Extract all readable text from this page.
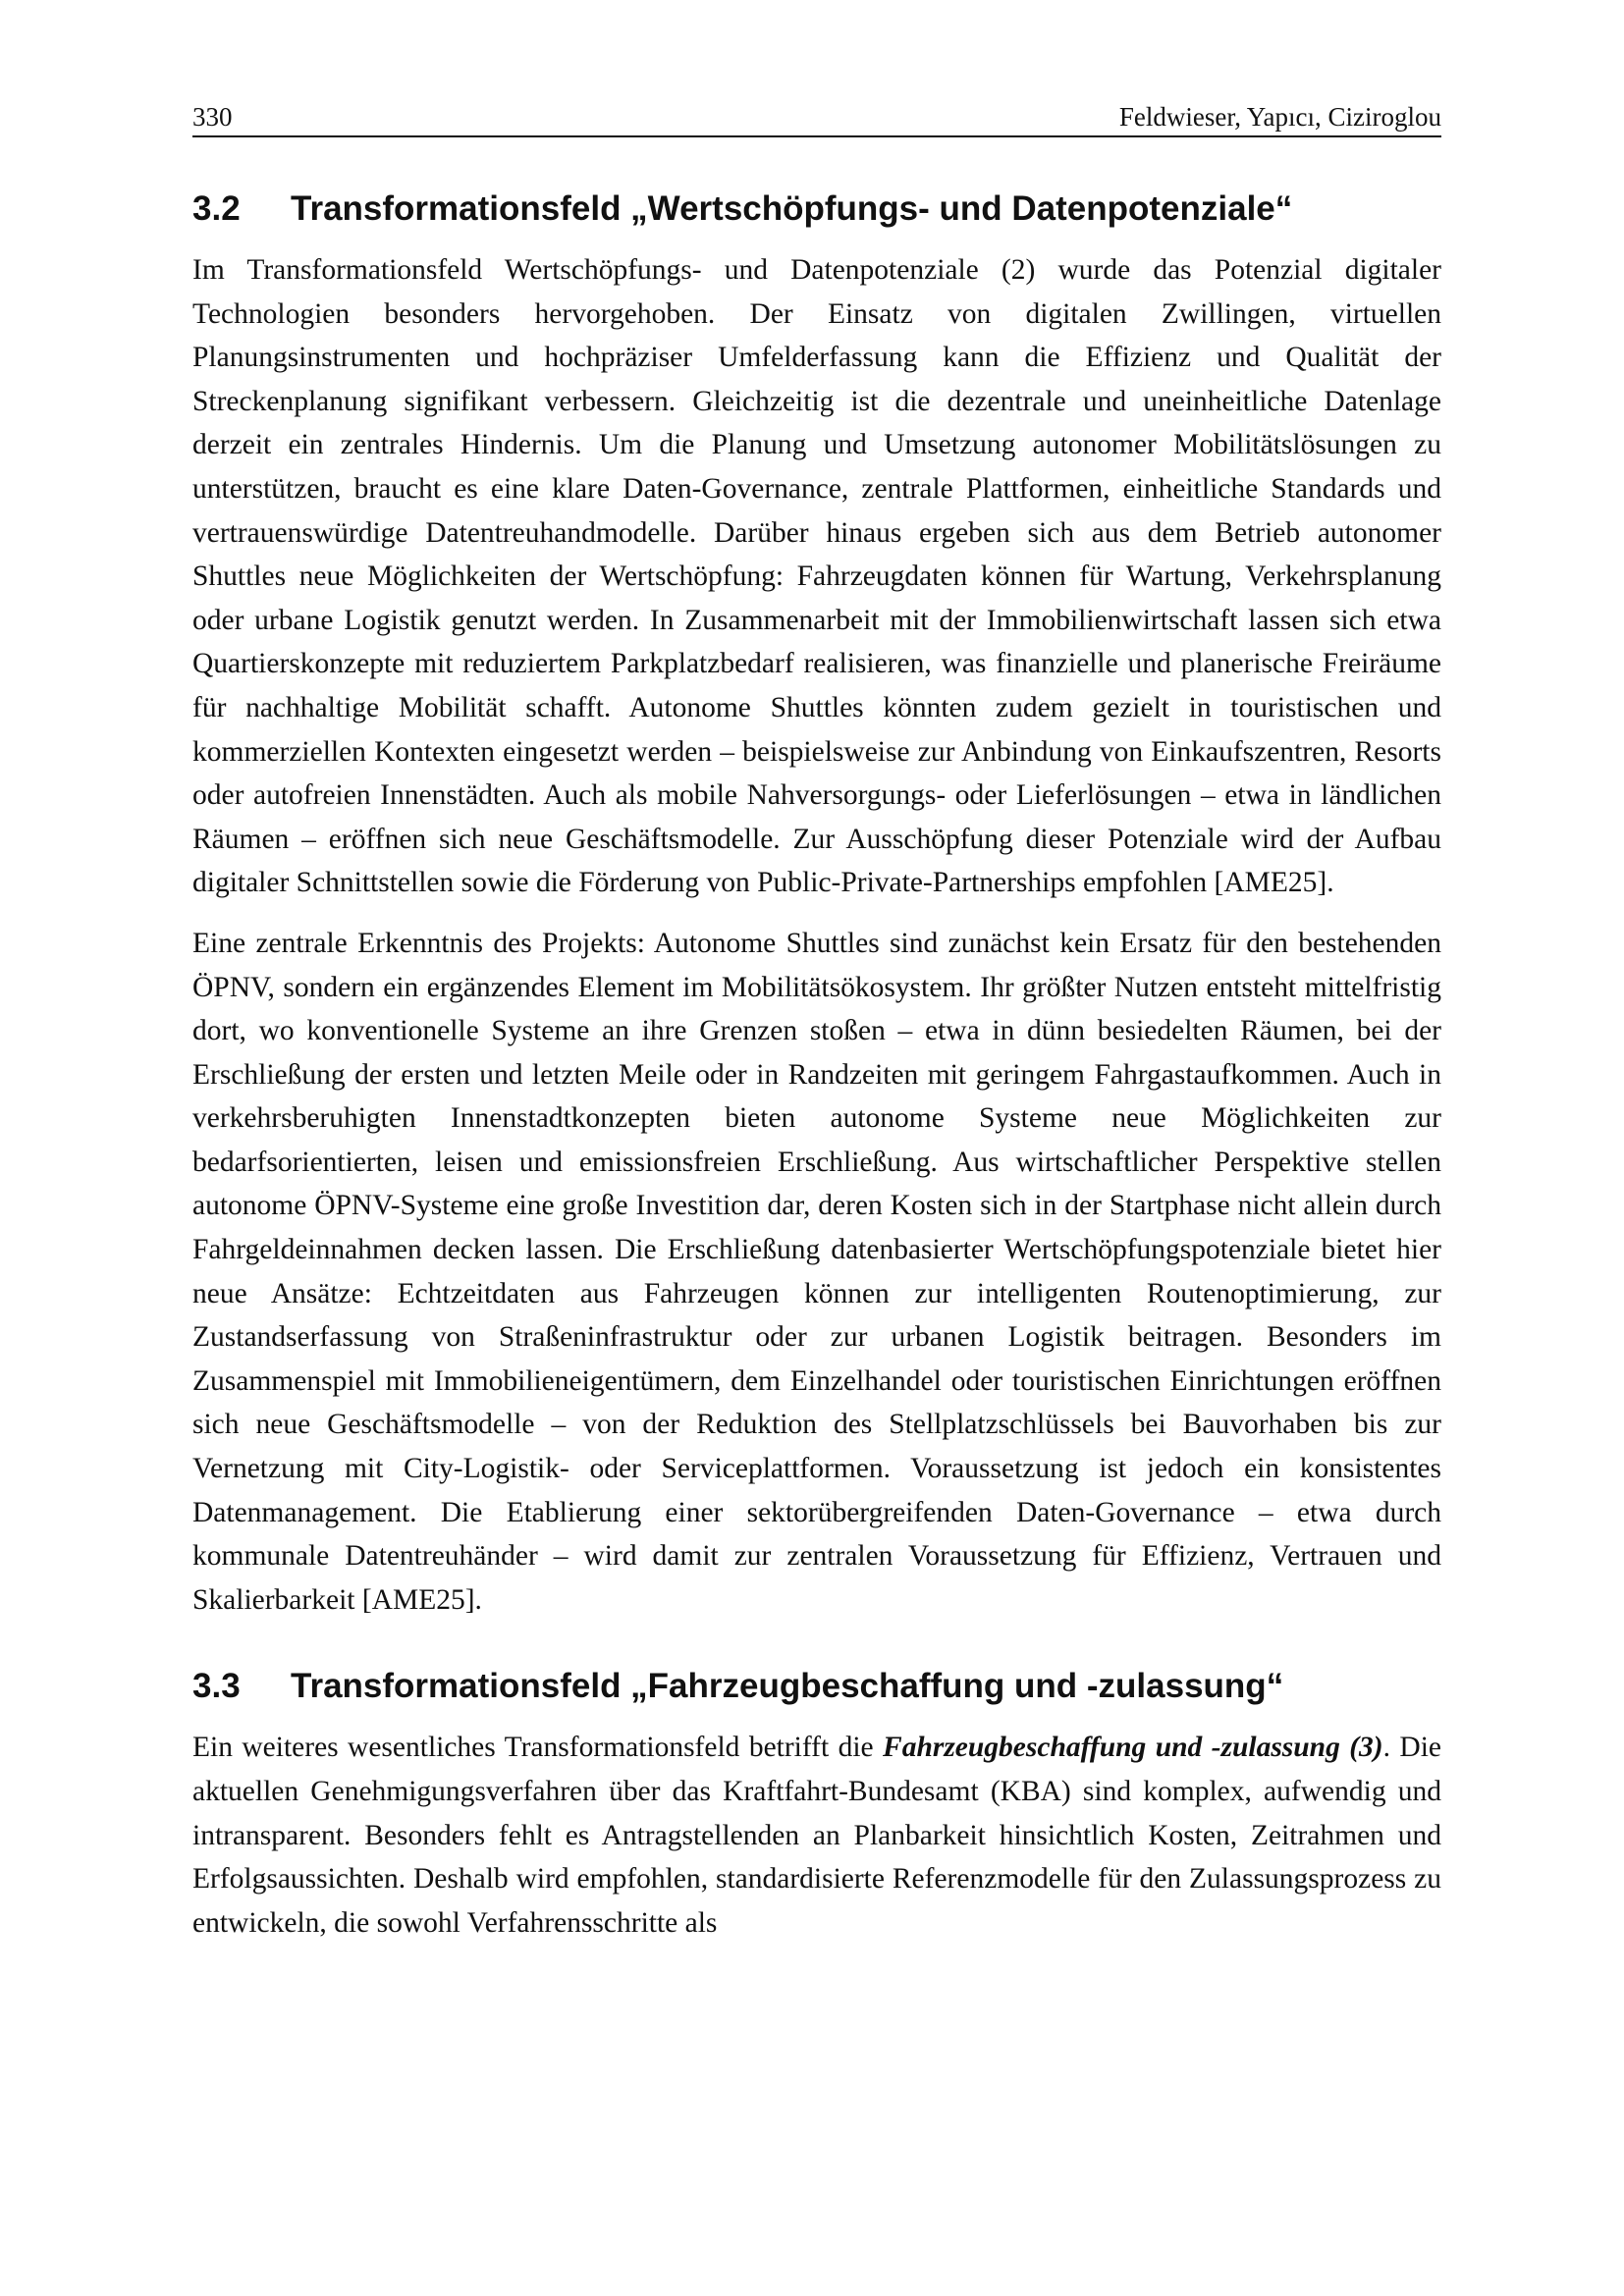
330	Feldwieser, Yapıcı, Ciziroglou
3.2	Transformationsfeld „Wertschöpfungs- und Datenpotenziale“

Im Transformationsfeld Wertschöpfungs- und Datenpotenziale (2) wurde das Potenzial digitaler Technologien besonders hervorgehoben. Der Einsatz von digitalen Zwillingen, virtuellen Planungsinstrumenten und hochpräziser Umfelderfassung kann die Effizienz und Qualität der Streckenplanung signifikant verbessern. Gleichzeitig ist die dezentrale und uneinheitliche Datenlage derzeit ein zentrales Hindernis. Um die Planung und Umsetzung autonomer Mobilitätslösungen zu unterstützen, braucht es eine klare Daten-Governance, zentrale Plattformen, einheitliche Standards und vertrauenswürdige Datentreuhandmodelle. Darüber hinaus ergeben sich aus dem Betrieb autonomer Shuttles neue Möglichkeiten der Wertschöpfung: Fahrzeugdaten können für Wartung, Verkehrsplanung oder urbane Logistik genutzt werden. In Zusammenarbeit mit der Immobilienwirtschaft lassen sich etwa Quartierskonzepte mit reduziertem Parkplatzbedarf realisieren, was finanzielle und planerische Freiräume für nachhaltige Mobilität schafft. Autonome Shuttles könnten zudem gezielt in touristischen und kommerziellen Kontexten eingesetzt werden – beispielsweise zur Anbindung von Einkaufszentren, Resorts oder autofreien Innenstädten. Auch als mobile Nahversorgungs- oder Lieferlösungen – etwa in ländlichen Räumen – eröffnen sich neue Geschäftsmodelle. Zur Ausschöpfung dieser Potenziale wird der Aufbau digitaler Schnittstellen sowie die Förderung von Public-Private-Partnerships empfohlen [AME25].

Eine zentrale Erkenntnis des Projekts: Autonome Shuttles sind zunächst kein Ersatz für den bestehenden ÖPNV, sondern ein ergänzendes Element im Mobilitätsökosystem. Ihr größter Nutzen entsteht mittelfristig dort, wo konventionelle Systeme an ihre Grenzen stoßen – etwa in dünn besiedelten Räumen, bei der Erschließung der ersten und letzten Meile oder in Randzeiten mit geringem Fahrgastaufkommen. Auch in verkehrsberuhigten Innenstadtkonzepten bieten autonome Systeme neue Möglichkeiten zur bedarfsorientierten, leisen und emissionsfreien Erschließung. Aus wirtschaftlicher Perspektive stellen autonome ÖPNV-Systeme eine große Investition dar, deren Kosten sich in der Startphase nicht allein durch Fahrgeldeinnahmen decken lassen. Die Erschließung datenbasierter Wertschöpfungspotenziale bietet hier neue Ansätze: Echtzeitdaten aus Fahrzeugen können zur intelligenten Routenoptimierung, zur Zustandserfassung von Straßeninfrastruktur oder zur urbanen Logistik beitragen. Besonders im Zusammenspiel mit Immobilieneigentümern, dem Einzelhandel oder touristischen Einrichtungen eröffnen sich neue Geschäftsmodelle – von der Reduktion des Stellplatzschlüssels bei Bauvorhaben bis zur Vernetzung mit City-Logistik- oder Serviceplattformen. Voraussetzung ist jedoch ein konsistentes Datenmanagement. Die Etablierung einer sektorübergreifenden Daten-Governance – etwa durch kommunale Datentreuhänder – wird damit zur zentralen Voraussetzung für Effizienz, Vertrauen und Skalierbarkeit [AME25].

3.3	Transformationsfeld „Fahrzeugbeschaffung und -zulassung“

Ein weiteres wesentliches Transformationsfeld betrifft die Fahrzeugbeschaffung und -zulassung (3). Die aktuellen Genehmigungsverfahren über das Kraftfahrt-Bundesamt (KBA) sind komplex, aufwendig und intransparent. Besonders fehlt es Antragstellenden an Planbarkeit hinsichtlich Kosten, Zeitrahmen und Erfolgsaussichten. Deshalb wird empfohlen, standardisierte Referenzmodelle für den Zulassungsprozess zu entwickeln, die sowohl Verfahrensschritte als
